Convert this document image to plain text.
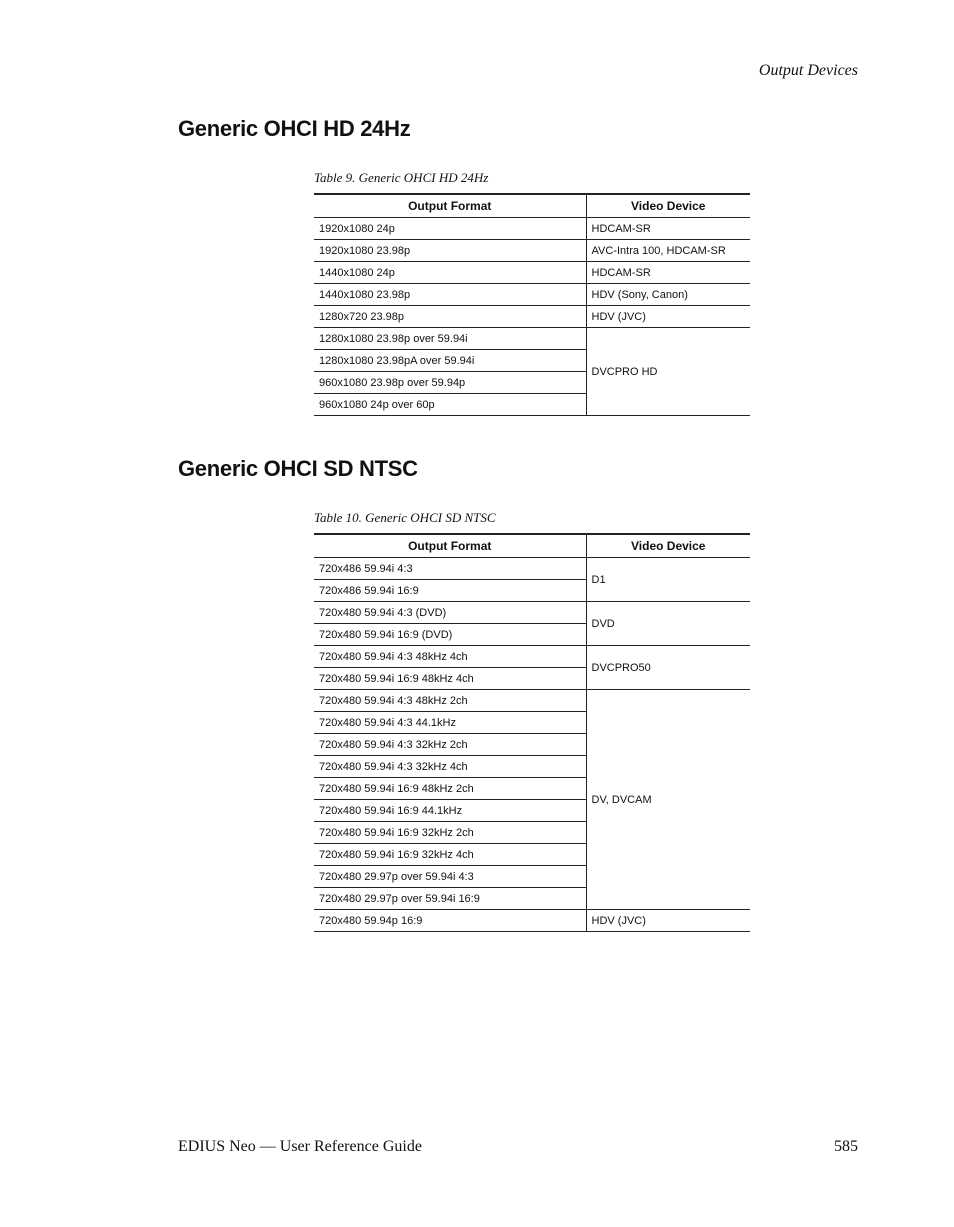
Output Devices
Generic OHCI HD 24Hz
Table 9. Generic OHCI HD 24Hz
Output Format	Video Device
1920x1080 24p	HDCAM-SR
1920x1080 23.98p	AVC-Intra 100, HDCAM-SR
1440x1080 24p	HDCAM-SR
1440x1080 23.98p	HDV (Sony, Canon)
1280x720 23.98p	HDV (JVC)
1280x1080 23.98p over 59.94i	DVCPRO HD
1280x1080 23.98pA over 59.94i	
960x1080 23.98p over 59.94p	
960x1080 24p over 60p	
Generic OHCI SD NTSC
Table 10. Generic OHCI SD NTSC
Output Format	Video Device
720x486 59.94i 4:3	D1
720x486 59.94i 16:9	
720x480 59.94i 4:3 (DVD)	DVD
720x480 59.94i 16:9 (DVD)	
720x480 59.94i 4:3 48kHz 4ch	DVCPRO50
720x480 59.94i 16:9 48kHz 4ch	
720x480 59.94i 4:3 48kHz 2ch	DV, DVCAM
720x480 59.94i 4:3 44.1kHz	
720x480 59.94i 4:3 32kHz 2ch	
720x480 59.94i 4:3 32kHz 4ch	
720x480 59.94i 16:9 48kHz 2ch	
720x480 59.94i 16:9 44.1kHz	
720x480 59.94i 16:9 32kHz 2ch	
720x480 59.94i 16:9 32kHz 4ch	
720x480 29.97p over 59.94i 4:3	
720x480 29.97p over 59.94i 16:9	
720x480 59.94p 16:9	HDV (JVC)
EDIUS Neo — User Reference Guide	585
